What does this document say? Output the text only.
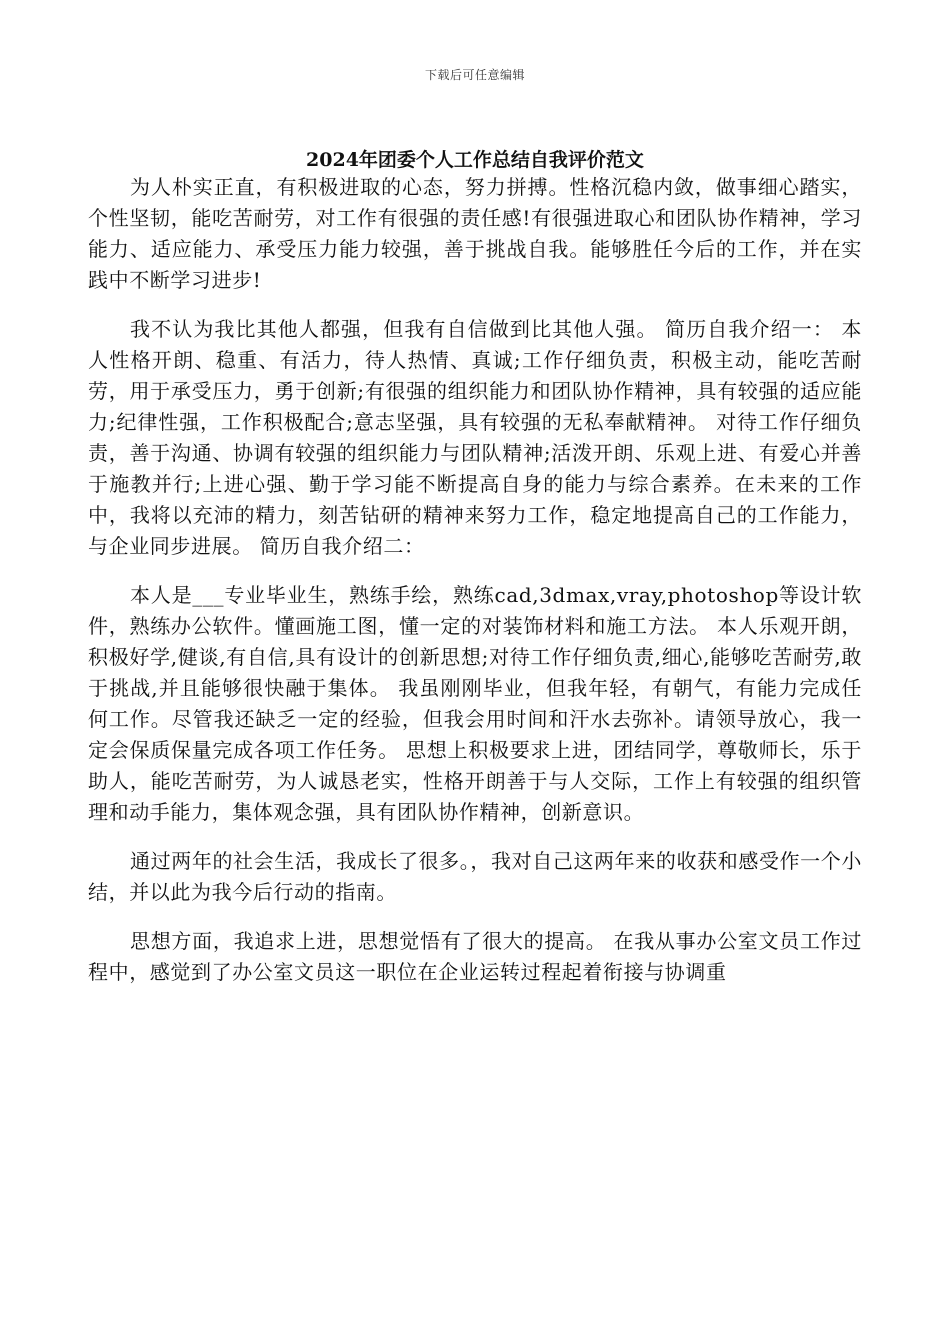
下载后可任意编辑
2024年团委个人工作总结自我评价范文

为人朴实正直，有积极进取的心态，努力拼搏。性格沉稳内敛，做事细心踏实，个性坚韧，能吃苦耐劳，对工作有很强的责任感!有很强进取心和团队协作精神，学习能力、适应能力、承受压力能力较强，善于挑战自我。能够胜任今后的工作，并在实践中不断学习进步!

我不认为我比其他人都强，但我有自信做到比其他人强。 简历自我介绍一： 本人性格开朗、稳重、有活力，待人热情、真诚;工作仔细负责，积极主动，能吃苦耐劳，用于承受压力，勇于创新;有很强的组织能力和团队协作精神，具有较强的适应能力;纪律性强，工作积极配合;意志坚强，具有较强的无私奉献精神。 对待工作仔细负责，善于沟通、协调有较强的组织能力与团队精神;活泼开朗、乐观上进、有爱心并善于施教并行;上进心强、勤于学习能不断提高自身的能力与综合素养。在未来的工作中，我将以充沛的精力，刻苦钻研的精神来努力工作，稳定地提高自己的工作能力，与企业同步进展。 简历自我介绍二：

本人是___专业毕业生，熟练手绘，熟练cad,3dmax,vray,photoshop等设计软件，熟练办公软件。懂画施工图，懂一定的对装饰材料和施工方法。 本人乐观开朗，积极好学,健谈,有自信,具有设计的创新思想;对待工作仔细负责,细心,能够吃苦耐劳,敢于挑战,并且能够很快融于集体。 我虽刚刚毕业，但我年轻，有朝气，有能力完成任何工作。尽管我还缺乏一定的经验，但我会用时间和汗水去弥补。请领导放心，我一定会保质保量完成各项工作任务。 思想上积极要求上进，团结同学，尊敬师长，乐于助人，能吃苦耐劳，为人诚恳老实，性格开朗善于与人交际，工作上有较强的组织管理和动手能力，集体观念强，具有团队协作精神，创新意识。

通过两年的社会生活，我成长了很多。，我对自己这两年来的收获和感受作一个小结，并以此为我今后行动的指南。

思想方面，我追求上进，思想觉悟有了很大的提高。 在我从事办公室文员工作过程中，感觉到了办公室文员这一职位在企业运转过程起着衔接与协调重
